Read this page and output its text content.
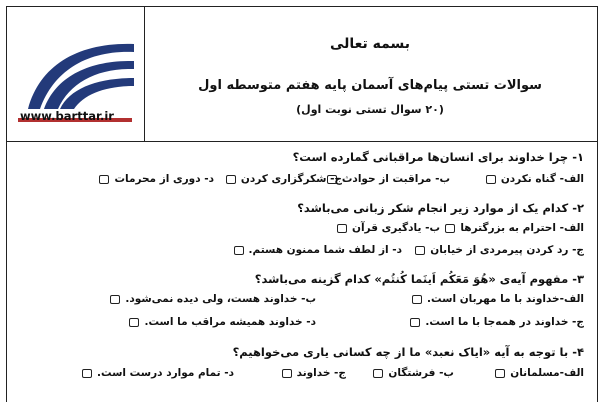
www.barttar.ir
بسمه تعالی
سوالات تستی پیام‌های آسمان پایه هفتم متوسطه اول
(۲۰ سوال تستی نوبت اول)
۱- چرا خداوند برای انسان‌ها مراقبانی گمارده است؟
الف- گناه نکردن
ب- مراقبت از حوادث
ج- شکرگزاری کردن
د- دوری از محرمات
۲- کدام یک از موارد زیر انجام شکر زبانی می‌باشد؟
الف- احترام به بزرگترها
ب- یادگیری قرآن
ج- رد کردن پیرمردی از خیابان
د- از لطف شما ممنون هستم.
۳- مفهوم آیه‌ی «هُوَ مَعَکُم اَینَما کُنتُم» کدام گزینه می‌باشد؟
الف-خداوند با ما مهربان است.
ب- خداوند هست، ولی دیده نمی‌شود.
ج- خداوند در همه‌جا با ما است.
د- خداوند همیشه مراقب ما است.
۴- با توجه به آیه «ایاک نعبد» ما از چه کسانی یاری می‌خواهیم؟
الف-مسلمانان
ب- فرشتگان
ج- خداوند
د- تمام موارد درست است.
